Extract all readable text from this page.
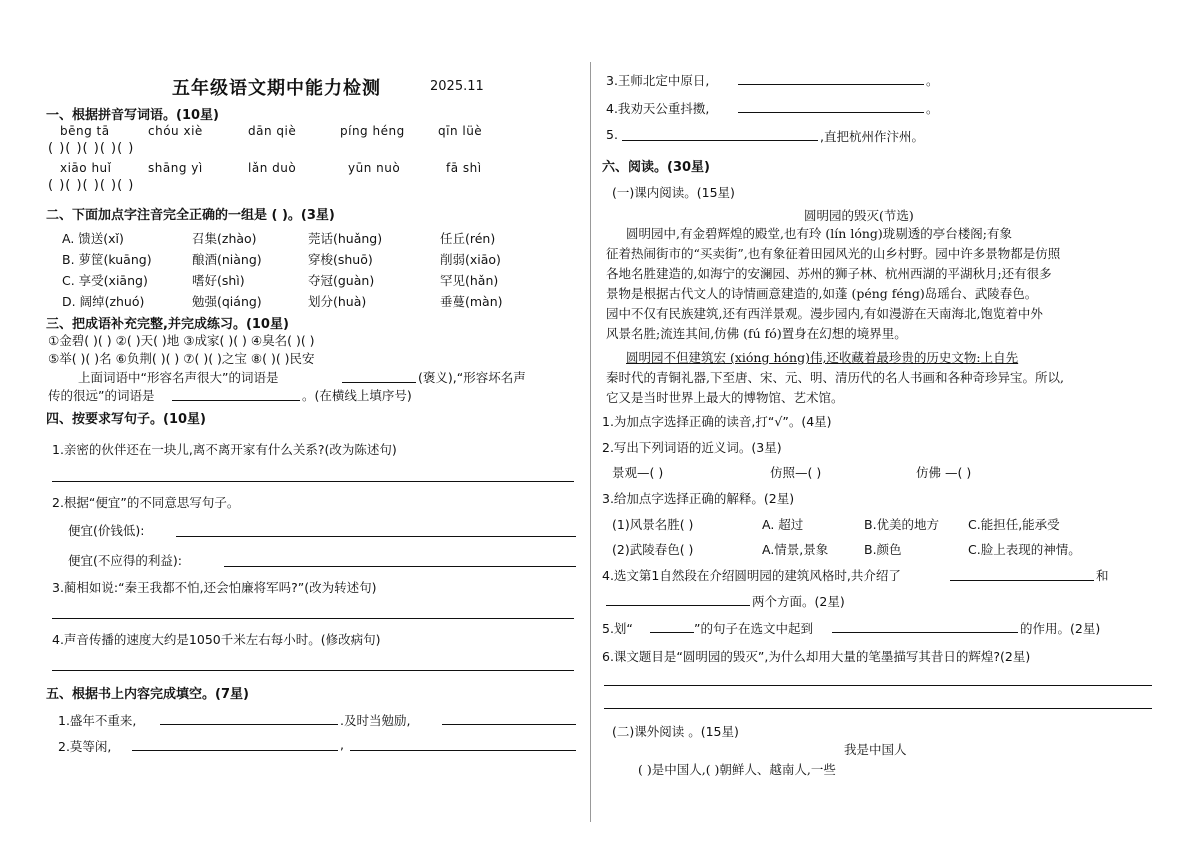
五年级语文期中能力检测	2025.11
一、根据拼音写词语。(10星)
bēng tā	chóu xiè	dān qiè	píng héng	qīn lüè
( )( )( )( )( )
xiāo huǐ	shāng yì	lǎn duò	yūn nuò	fā shì
( )( )( )( )( )
二、下面加点字注音完全正确的一组是 ( )。(3星)
A. 馈送(xǐ)	召集(zhào)	莞话(huǎng)	任丘(rén)
B. 萝筐(kuāng)	酿酒(niàng)	穿梭(shuō)	削弱(xiāo)
C. 享受(xiāng)	嗜好(shì)	夺冠(guàn)	罕见(hǎn)
D. 阔绰(zhuó)	勉强(qiáng)	划分(huà)	垂蔓(màn)
三、把成语补充完整,并完成练习。(10星)
①金碧( )( ) ②( )天( )地 ③成家( )( ) ④臭名( )( )
⑤举( )( )名 ⑥负荆( )( ) ⑦( )( )之宝 ⑧( )( )民安
上面词语中“形容名声很大”的词语是	(褒义),“形容坏名声
传的很远”的词语是	。(在横线上填序号)
四、按要求写句子。(10星)
1.亲密的伙伴还在一块儿,离不离开家有什么关系?(改为陈述句)
2.根据“便宜”的不同意思写句子。
便宜(价钱低):
便宜(不应得的利益):
3.蔺相如说:“秦王我都不怕,还会怕廉将军吗?”(改为转述句)
4.声音传播的速度大约是1050千米左右每小时。(修改病句)
五、根据书上内容完成填空。(7星)
1.盛年不重来,	.及时当勉励,
2.莫等闲,	,
3.王师北定中原日,	。
4.我劝天公重抖擞,	。
5.	,直把杭州作汴州。
六、阅读。(30星)
(一)课内阅读。(15星)
圆明园的毁灭(节选)
圆明园中,有金碧辉煌的殿堂,也有玲 (lín lóng)珑剔透的亭台楼阁;有象
征着热闹街市的“买卖街”,也有象征着田园风光的山乡村野。园中许多景物都是仿照
各地名胜建造的,如海宁的安澜园、苏州的狮子林、杭州西湖的平湖秋月;还有很多
景物是根据古代文人的诗情画意建造的,如蓬 (péng féng)岛瑶台、武陵春色。
园中不仅有民族建筑,还有西洋景观。漫步园内,有如漫游在天南海北,饱览着中外
风景名胜;流连其间,仿佛 (fú fó)置身在幻想的境界里。
圆明园不但建筑宏 (xióng hóng)伟,还收藏着最珍贵的历史文物:上自先
秦时代的青铜礼器,下至唐、宋、元、明、清历代的名人书画和各种奇珍异宝。所以,
它又是当时世界上最大的博物馆、艺术馆。
1.为加点字选择正确的读音,打“√”。(4星)
2.写出下列词语的近义词。(3星)
景观—( )	仿照—( )	仿佛 —( )
3.给加点字选择正确的解释。(2星)
(1)风景名胜( )	A. 超过	B.优美的地方 C.能担任,能承受
(2)武陵春色( )	A.情景,景象	B.颜色	C.脸上表现的神情。
4.选文第1自然段在介绍圆明园的建筑风格时,共介绍了	和
两个方面。(2星)
5.划“	”的句子在选文中起到	的作用。(2星)
6.课文题目是“圆明园的毁灭”,为什么却用大量的笔墨描写其昔日的辉煌?(2星)
(二)课外阅读 。(15星)
我是中国人
( )是中国人,( )朝鲜人、越南人,一些
